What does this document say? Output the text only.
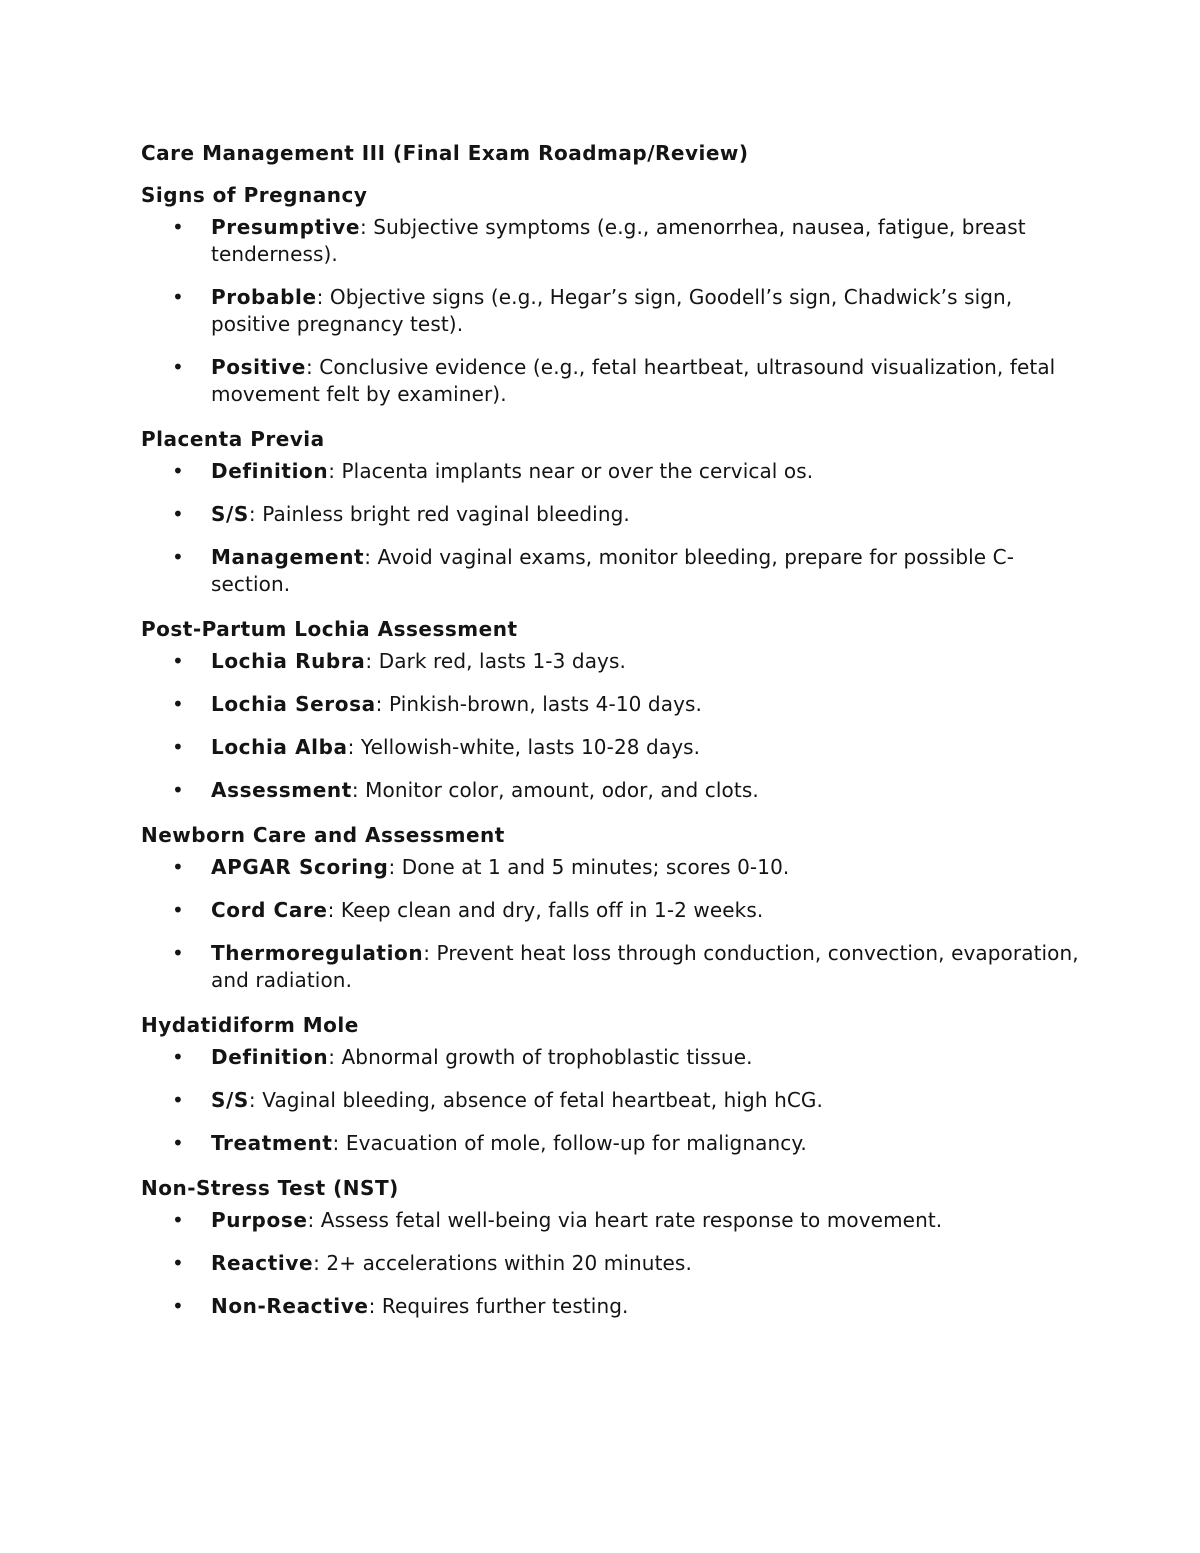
Care Management III (Final Exam Roadmap/Review)
Signs of Pregnancy
• Presumptive: Subjective symptoms (e.g., amenorrhea, nausea, fatigue, breast tenderness).
• Probable: Objective signs (e.g., Hegar’s sign, Goodell’s sign, Chadwick’s sign, positive pregnancy test).
• Positive: Conclusive evidence (e.g., fetal heartbeat, ultrasound visualization, fetal movement felt by examiner).
Placenta Previa
• Definition: Placenta implants near or over the cervical os.
• S/S: Painless bright red vaginal bleeding.
• Management: Avoid vaginal exams, monitor bleeding, prepare for possible C-section.
Post-Partum Lochia Assessment
• Lochia Rubra: Dark red, lasts 1-3 days.
• Lochia Serosa: Pinkish-brown, lasts 4-10 days.
• Lochia Alba: Yellowish-white, lasts 10-28 days.
• Assessment: Monitor color, amount, odor, and clots.
Newborn Care and Assessment
• APGAR Scoring: Done at 1 and 5 minutes; scores 0-10.
• Cord Care: Keep clean and dry, falls off in 1-2 weeks.
• Thermoregulation: Prevent heat loss through conduction, convection, evaporation, and radiation.
Hydatidiform Mole
• Definition: Abnormal growth of trophoblastic tissue.
• S/S: Vaginal bleeding, absence of fetal heartbeat, high hCG.
• Treatment: Evacuation of mole, follow-up for malignancy.
Non-Stress Test (NST)
• Purpose: Assess fetal well-being via heart rate response to movement.
• Reactive: 2+ accelerations within 20 minutes.
• Non-Reactive: Requires further testing.
